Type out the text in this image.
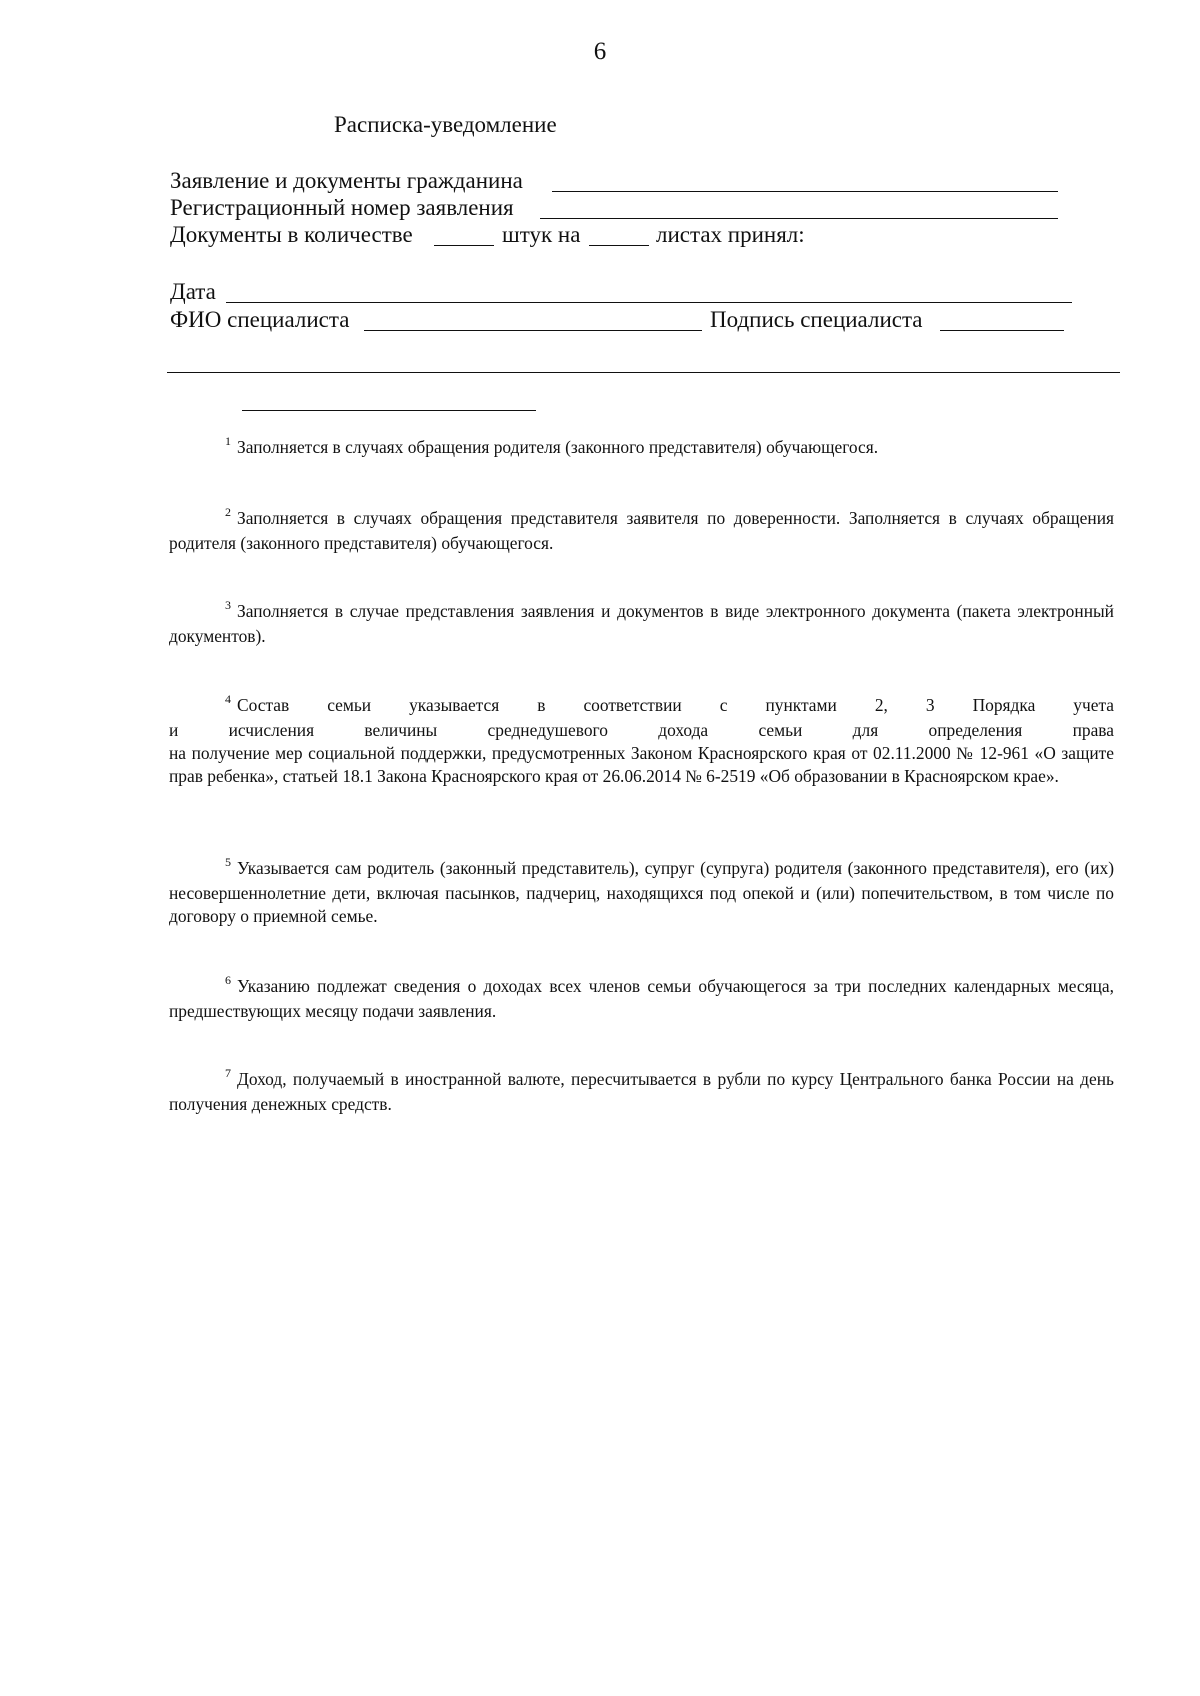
6
Расписка-уведомление
Заявление и документы гражданина
Регистрационный номер заявления
Документы в количестве	штук на	листах принял:
Дата
ФИО специалиста	Подпись специалиста
$^1$ Заполняется в случаях обращения родителя (законного представителя) обучающегося.
$^2$ Заполняется в случаях обращения представителя заявителя по доверенности. Заполняется в случаях обращения родителя (законного представителя) обучающегося.
$^3$ Заполняется в случае представления заявления и документов в виде электронного документа (пакета электронный документов).
$^4$ Состав семьи указывается в соответствии с пунктами 2, 3 Порядка учета
и исчисления величины среднедушевого дохода семьи для определения права
на получение мер социальной поддержки, предусмотренных Законом Красноярского края от 02.11.2000 № 12-961 «О защите прав ребенка», статьей 18.1 Закона Красноярского края от 26.06.2014 № 6-2519 «Об образовании в Красноярском крае».
$^5$ Указывается сам родитель (законный представитель), супруг (супруга) родителя (законного представителя), его (их) несовершеннолетние дети, включая пасынков, падчериц, находящихся под опекой и (или) попечительством, в том числе по договору о приемной семье.
$^6$ Указанию подлежат сведения о доходах всех членов семьи обучающегося за три последних календарных месяца, предшествующих месяцу подачи заявления.
$^7$ Доход, получаемый в иностранной валюте, пересчитывается в рубли по курсу Центрального банка России на день получения денежных средств.
